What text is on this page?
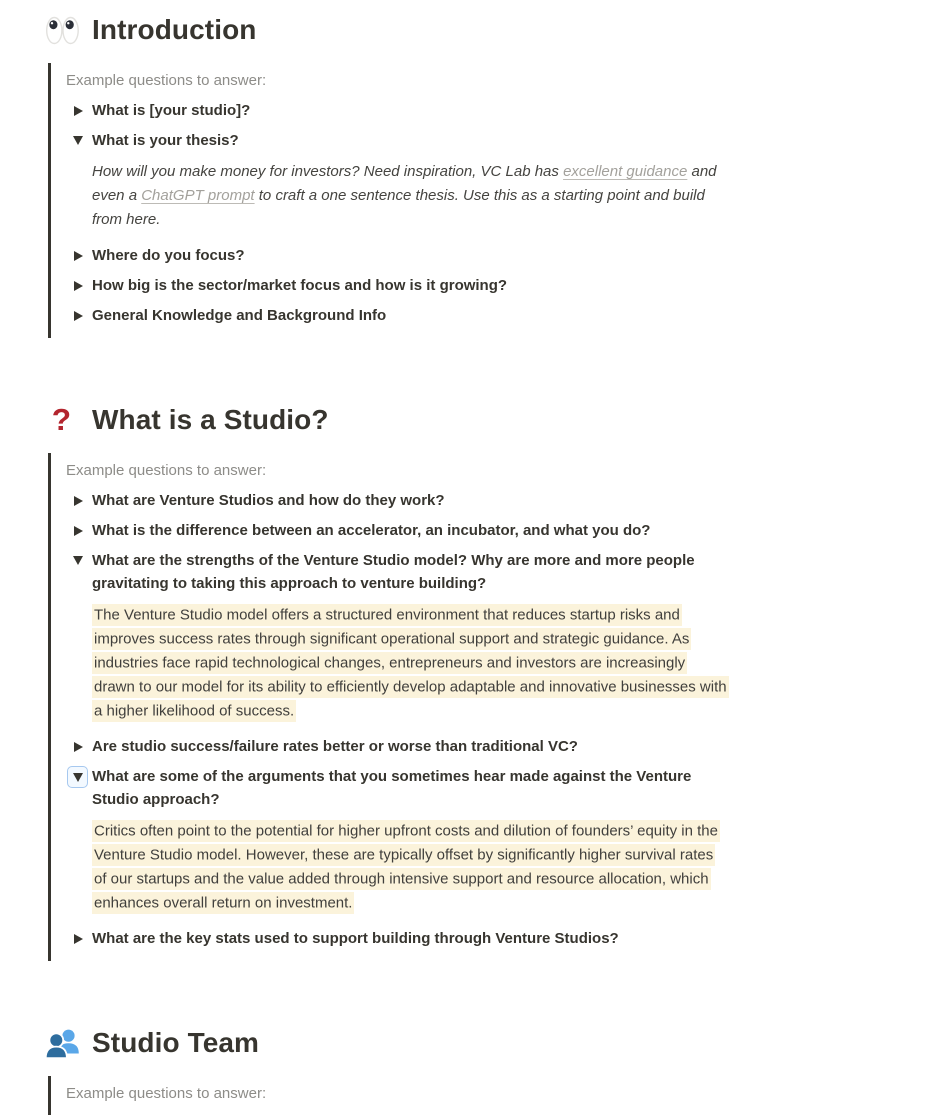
Introduction
Example questions to answer:
What is [your studio]?
What is your thesis?
How will you make money for investors? Need inspiration, VC Lab has excellent guidance and even a ChatGPT prompt to craft a one sentence thesis. Use this as a starting point and build from here.
Where do you focus?
How big is the sector/market focus and how is it growing?
General Knowledge and Background Info
? What is a Studio?
Example questions to answer:
What are Venture Studios and how do they work?
What is the difference between an accelerator, an incubator, and what you do?
What are the strengths of the Venture Studio model? Why are more and more people gravitating to taking this approach to venture building?
The Venture Studio model offers a structured environment that reduces startup risks and improves success rates through significant operational support and strategic guidance. As industries face rapid technological changes, entrepreneurs and investors are increasingly drawn to our model for its ability to efficiently develop adaptable and innovative businesses with a higher likelihood of success.
Are studio success/failure rates better or worse than traditional VC?
What are some of the arguments that you sometimes hear made against the Venture Studio approach?
Critics often point to the potential for higher upfront costs and dilution of founders’ equity in the Venture Studio model. However, these are typically offset by significantly higher survival rates of our startups and the value added through intensive support and resource allocation, which enhances overall return on investment.
What are the key stats used to support building through Venture Studios?
Studio Team
Example questions to answer:
